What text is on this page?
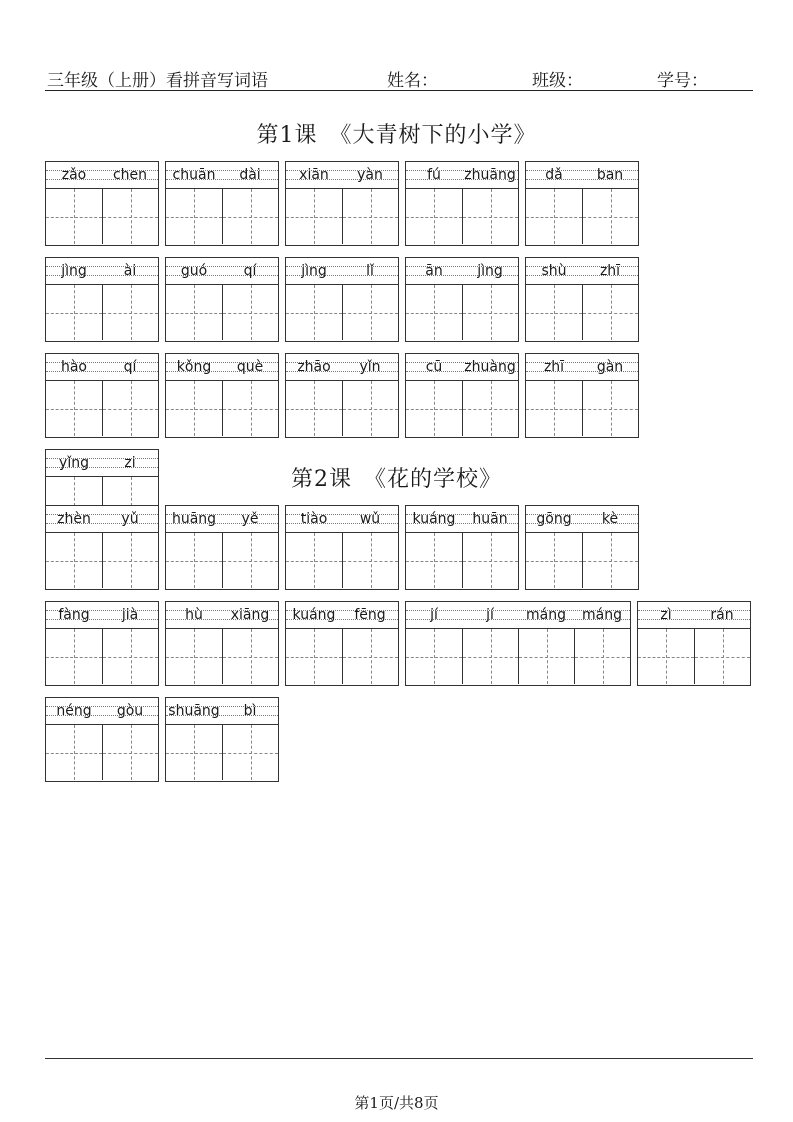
三年级（上册）看拼音写词语	姓名：	班级：	学号：
第1课　《大青树下的小学》
zǎo	chen	chuān	dài	xiān	yàn	fú	zhuāng	dǎ	ban
jìng	ài	guó	qí	jìng	lǐ	ān	jìng	shù	zhī
hào	qí	kǒng	què	zhāo	yǐn	cū	zhuàng	zhī	gàn
yǐng	zi
第2课　《花的学校》
zhèn	yǔ	huāng	yě	tiào	wǔ	kuáng	huān	gōng	kè
fàng	jià	hù	xiāng	kuáng	fēng	jí	jí	máng	máng	zì	rán
néng	gòu	shuāng	bì
第1页/共8页
